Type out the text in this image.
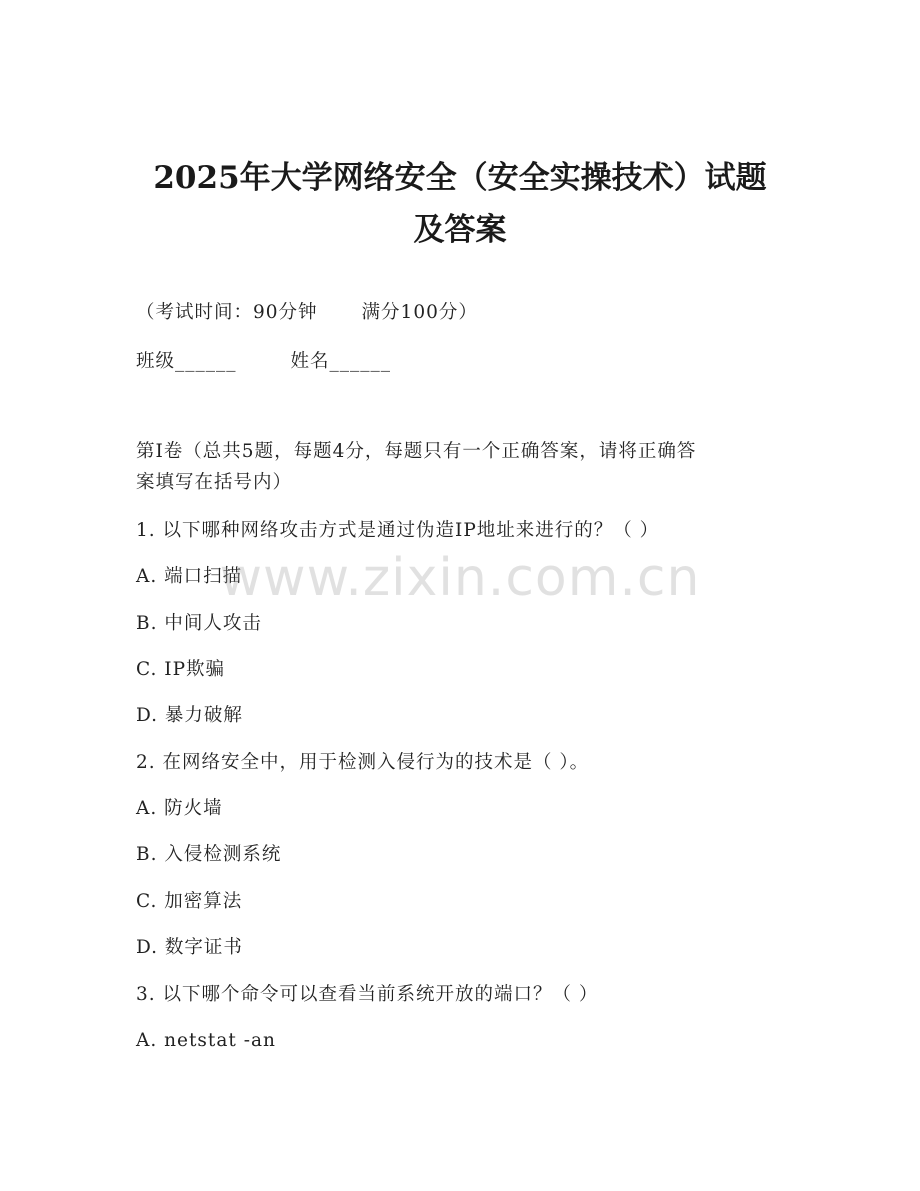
2025年大学网络安全（安全实操技术）试题
及答案
（考试时间：90分钟 满分100分）
班级______	姓名______
第Ⅰ卷（总共5题，每题4分，每题只有一个正确答案，请将正确答
案填写在括号内）
1. 以下哪种网络攻击方式是通过伪造IP地址来进行的？（ ）
A. 端口扫描
B. 中间人攻击
C. IP欺骗
D. 暴力破解
2. 在网络安全中，用于检测入侵行为的技术是（ ）。
A. 防火墙
B. 入侵检测系统
C. 加密算法
D. 数字证书
3. 以下哪个命令可以查看当前系统开放的端口？（ ）
A. netstat -an
www.zixin.com.cn
